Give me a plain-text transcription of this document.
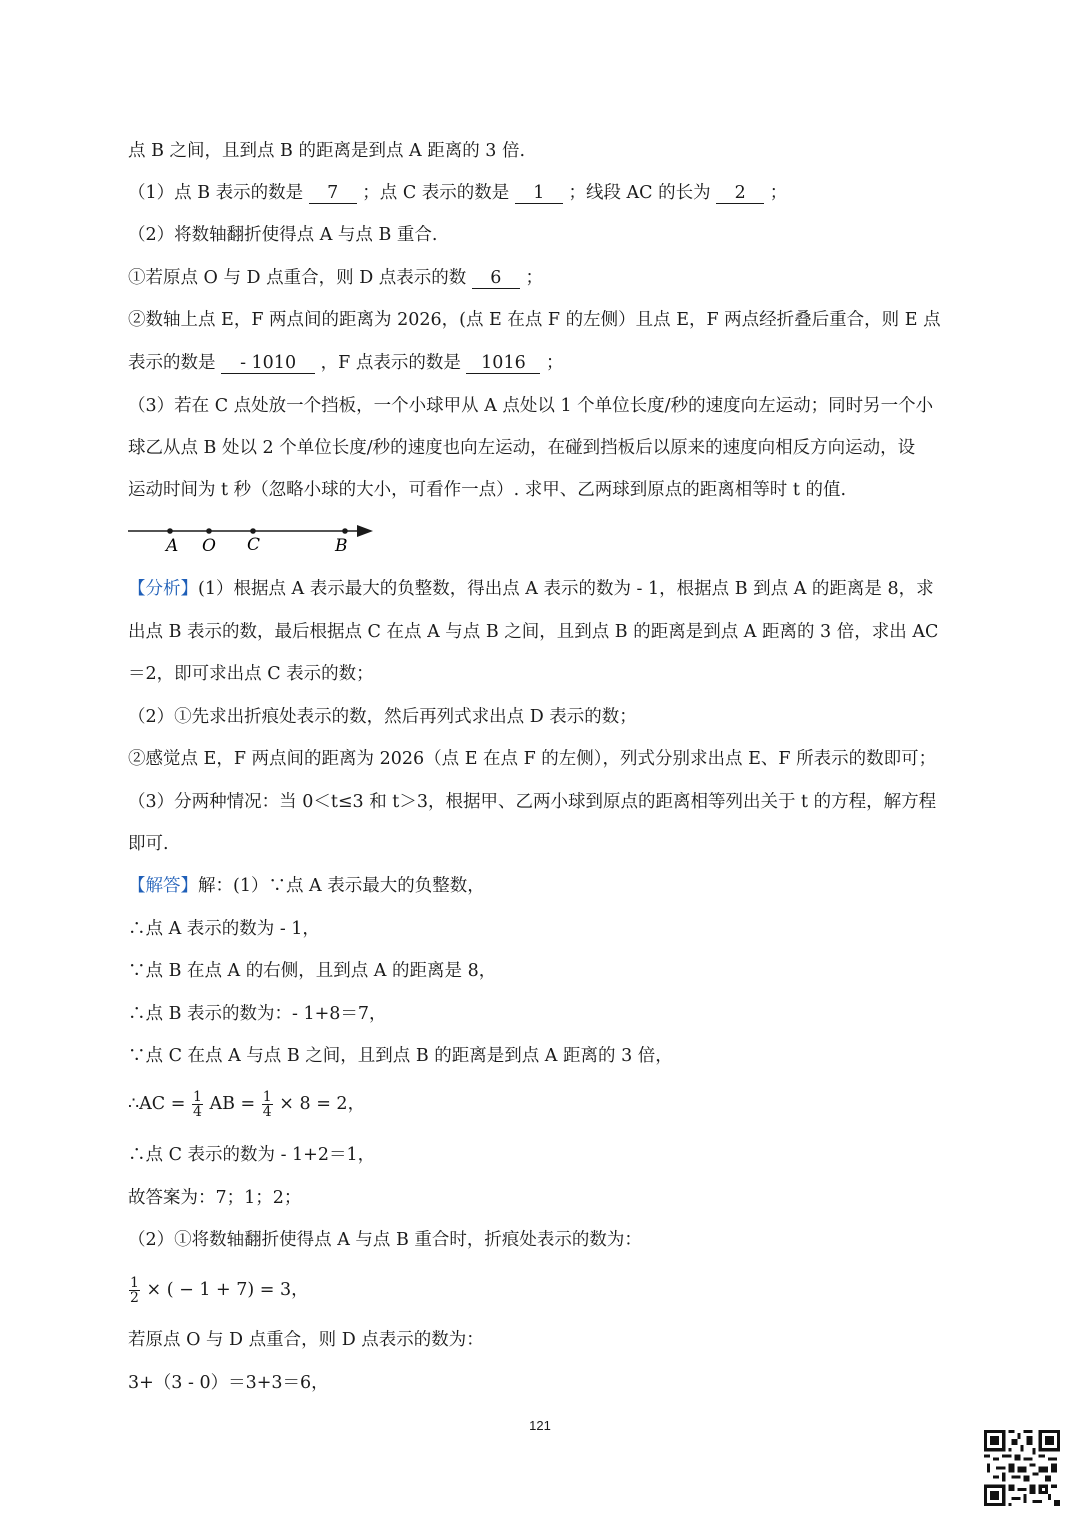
点 B 之间，且到点 B 的距离是到点 A 距离的 3 倍.
（1）点 B 表示的数是 7 ；点 C 表示的数是 1 ；线段 AC 的长为 2 ；
（2）将数轴翻折使得点 A 与点 B 重合.
①若原点 O 与 D 点重合，则 D 点表示的数 6 ；
②数轴上点 E，F 两点间的距离为 2026，(点 E 在点 F 的左侧）且点 E，F 两点经折叠后重合，则 E 点
表示的数是 - 1010 ，F 点表示的数是 1016 ；
（3）若在 C 点处放一个挡板，一个小球甲从 A 点处以 1 个单位长度/秒的速度向左运动；同时另一个小
球乙从点 B 处以 2 个单位长度/秒的速度也向左运动，在碰到挡板后以原来的速度向相反方向运动，设
运动时间为 t 秒（忽略小球的大小，可看作一点）. 求甲、乙两球到原点的距离相等时 t 的值.
A O C	B
【分析】(1）根据点 A 表示最大的负整数，得出点 A 表示的数为 - 1，根据点 B 到点 A 的距离是 8，求
出点 B 表示的数，最后根据点 C 在点 A 与点 B 之间，且到点 B 的距离是到点 A 距离的 3 倍，求出 AC
＝2，即可求出点 C 表示的数；
（2）①先求出折痕处表示的数，然后再列式求出点 D 表示的数；
②感觉点 E，F 两点间的距离为 2026（点 E 在点 F 的左侧），列式分别求出点 E、F 所表示的数即可；
（3）分两种情况：当 0＜t≤3 和 t＞3，根据甲、乙两小球到原点的距离相等列出关于 t 的方程，解方程
即可.
【解答】解：(1）∵点 A 表示最大的负整数，
∴点 A 表示的数为 - 1，
∵点 B 在点 A 的右侧，且到点 A 的距离是 8，
∴点 B 表示的数为：- 1+8＝7，
∵点 C 在点 A 与点 B 之间，且到点 B 的距离是到点 A 距离的 3 倍，
∴AC = $\frac{1}{4}$ AB = $\frac{1}{4} \times 8 = 2$，
∴点 C 表示的数为 - 1+2＝1，
故答案为：7；1；2；
（2）①将数轴翻折使得点 A 与点 B 重合时，折痕处表示的数为：
$\frac{1}{2}$ × ( − 1 + 7) = 3，
若原点 O 与 D 点重合，则 D 点表示的数为：
3+（3 - 0）＝3+3＝6，
121
